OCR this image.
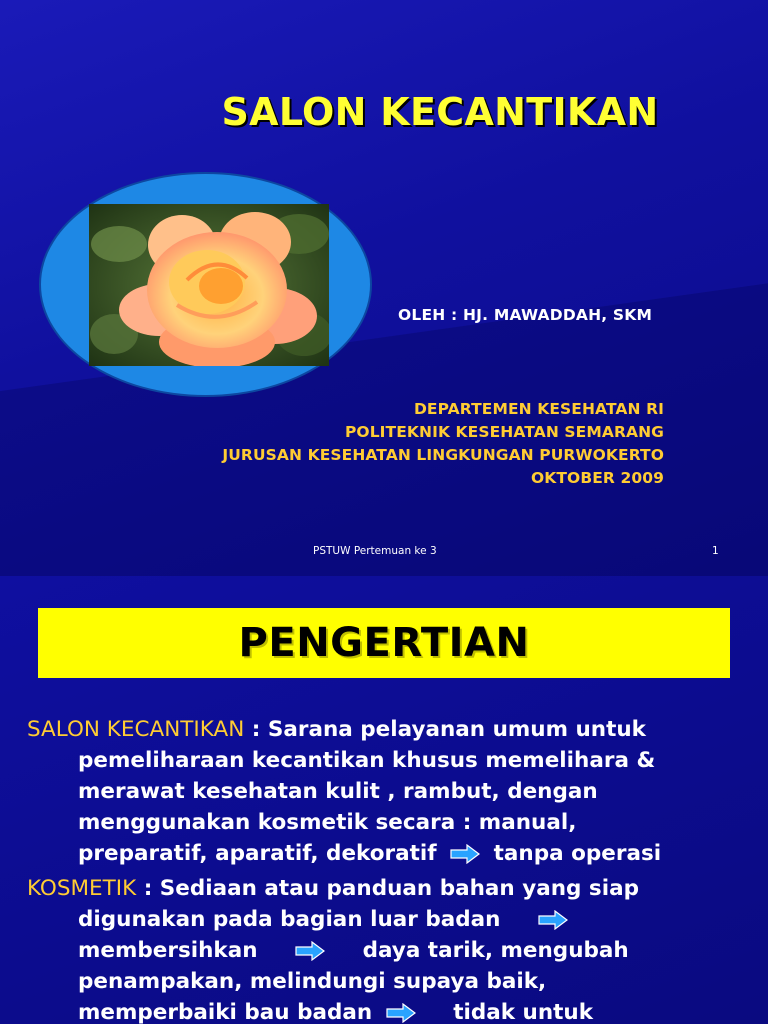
SALON KECANTIKAN
OLEH : HJ. MAWADDAH, SKM
DEPARTEMEN KESEHATAN RI
POLITEKNIK KESEHATAN SEMARANG
JURUSAN KESEHATAN LINGKUNGAN PURWOKERTO
OKTOBER 2009
PSTUW Pertemuan ke 3	1
PENGERTIAN
SALON KECANTIKAN : Sarana pelayanan umum untuk
pemeliharaan kecantikan khusus memelihara &
merawat kesehatan kulit , rambut, dengan
menggunakan kosmetik secara : manual,
preparatif, aparatif, dekoratif	tanpa operasi
KOSMETIK : Sediaan atau panduan bahan yang siap
digunakan pada bagian luar badan
membersihkan	daya tarik, mengubah
penampakan, melindungi supaya baik,
memperbaiki bau badan	tidak untuk
